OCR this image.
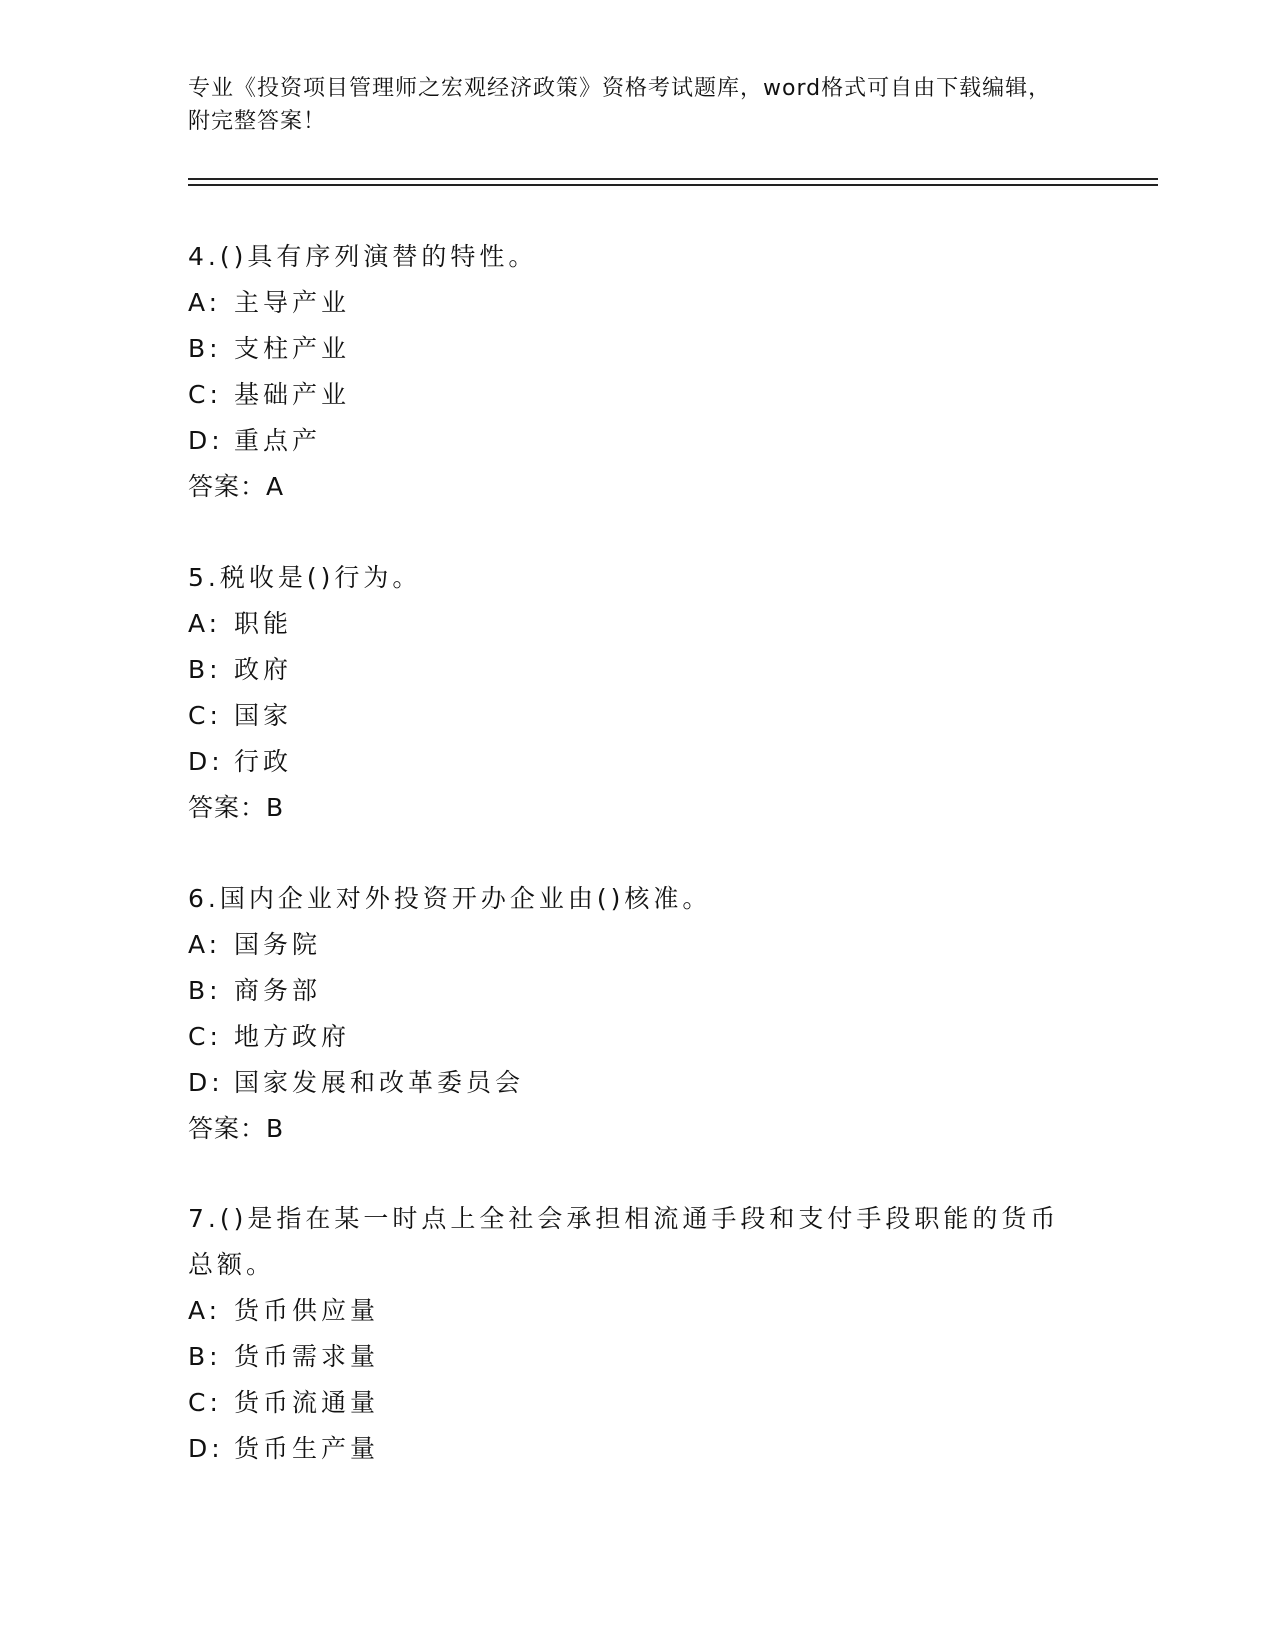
专业《投资项目管理师之宏观经济政策》资格考试题库，word格式可自由下载编辑，附完整答案！

4.()具有序列演替的特性。

A: 主导产业
B: 支柱产业
C: 基础产业
D: 重点产
答案：A

5.税收是()行为。

A: 职能
B: 政府
C: 国家
D: 行政
答案：B

6.国内企业对外投资开办企业由()核准。

A: 国务院
B: 商务部
C: 地方政府
D: 国家发展和改革委员会
答案：B

7.()是指在某一时点上全社会承担相流通手段和支付手段职能的货币总额。

A: 货币供应量
B: 货币需求量
C: 货币流通量
D: 货币生产量
